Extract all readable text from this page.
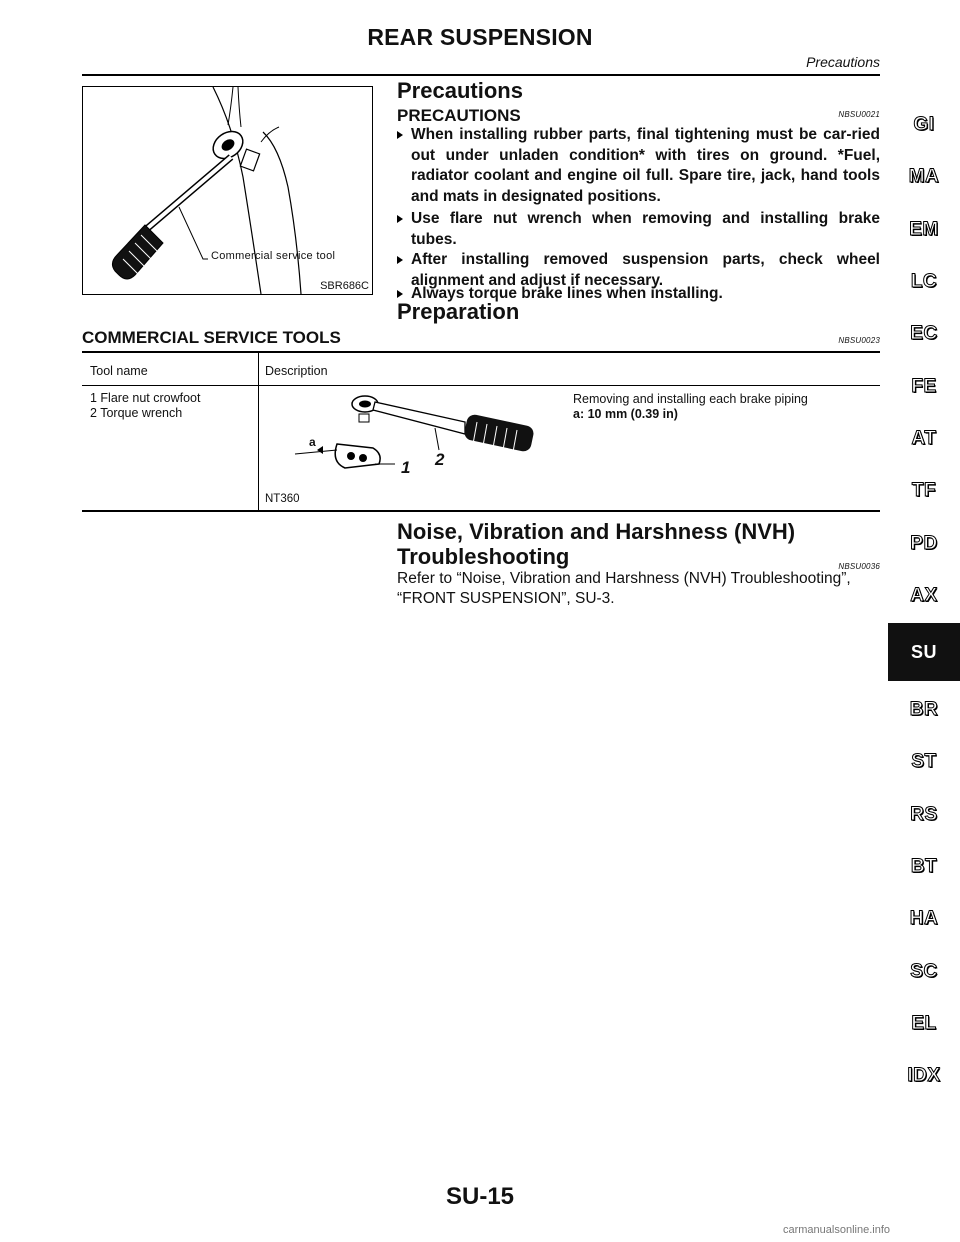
REAR SUSPENSION
Precautions
Commercial service tool
SBR686C
Precautions
PRECAUTIONS	NBSU0021
When installing rubber parts, final tightening must be car-ried out under unladen condition* with tires on ground. *Fuel, radiator coolant and engine oil full. Spare tire, jack, hand tools and mats in designated positions.
Use flare nut wrench when removing and installing brake tubes.
After installing removed suspension parts, check wheel alignment and adjust if necessary.
Always torque brake lines when installing.
Preparation
COMMERCIAL SERVICE TOOLS	NBSU0023
Tool name	Description
1 Flare nut crowfoot
2 Torque wrench
a
1 2
NT360
Removing and installing each brake piping
a: 10 mm (0.39 in)
Noise, Vibration and Harshness (NVH)
Troubleshooting	NBSU0036
Refer to “Noise, Vibration and Harshness (NVH) Troubleshooting”,
“FRONT SUSPENSION”, SU-3.
GI
MA
EM
LC
EC
FE
AT
TF
PD
AX
SU
BR
ST
RS
BT
HA
SC
EL
IDX
SU-15
carmanualsonline.info
